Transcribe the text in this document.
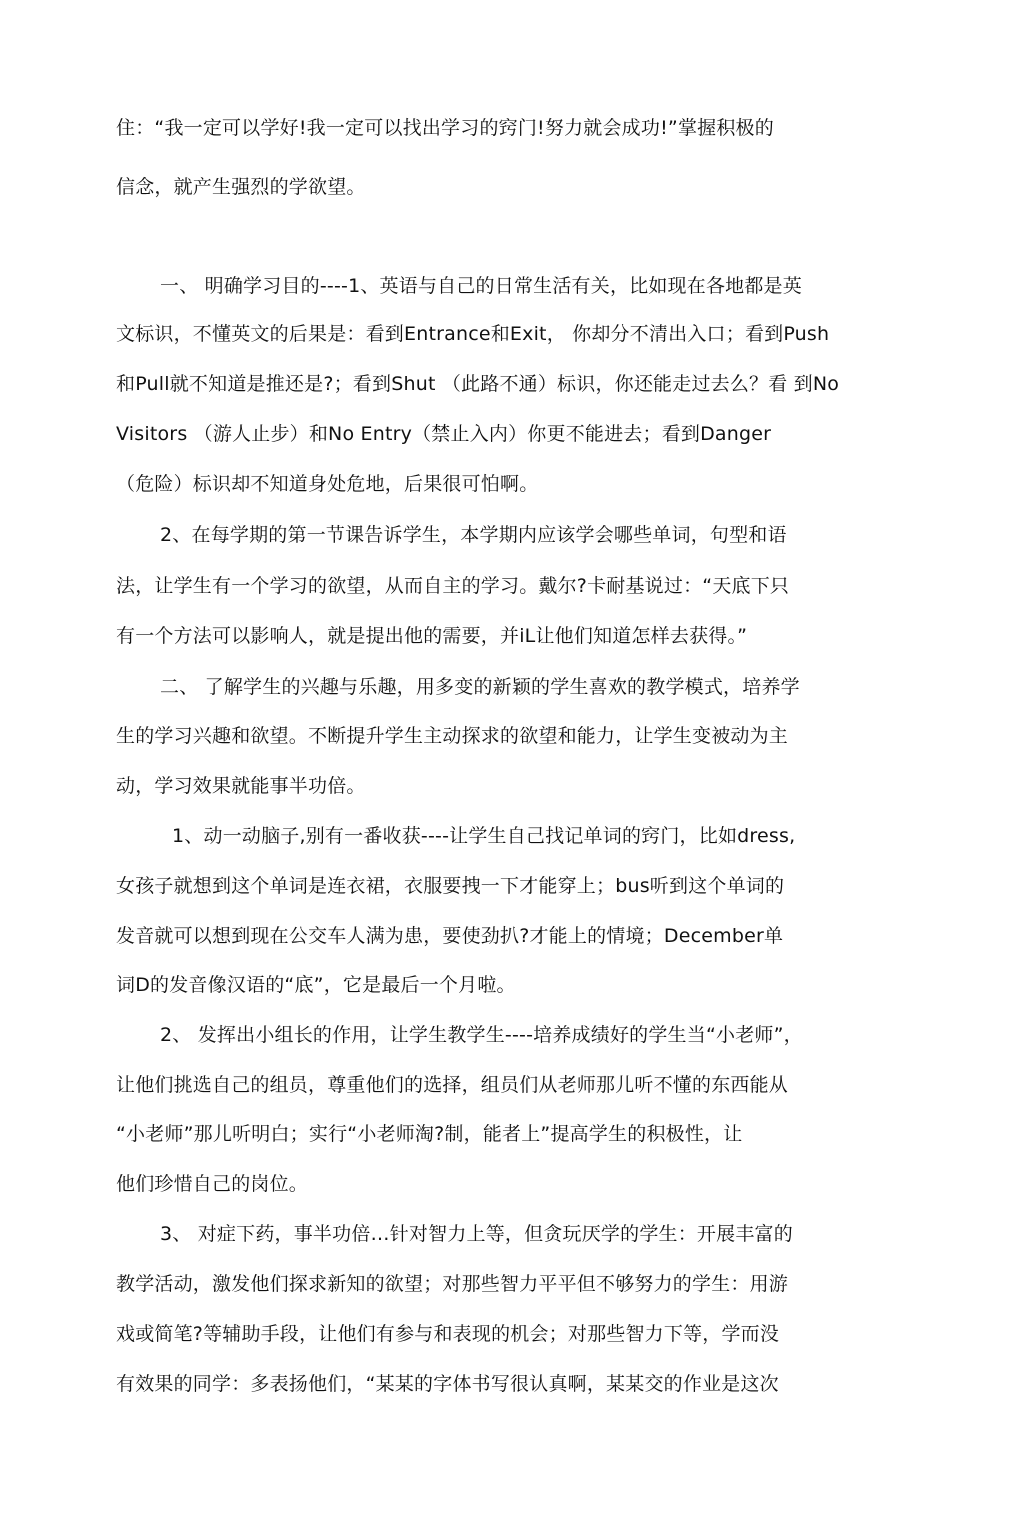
住：“我一定可以学好!我一定可以找出学习的窍门!努力就会成功!”掌握积极的
信念，就产生强烈的学欲望。
一、 明确学习目的----1、英语与自己的日常生活有关，比如现在各地都是英
文标识，不懂英文的后果是：看到Entrance和Exit， 你却分不清出入口；看到Push
和Pull就不知道是推还是?；看到Shut （此路不通）标识，你还能走过去么？看 到No
Visitors （游人止步）和No Entry（禁止入内）你更不能进去；看到Danger
（危险）标识却不知道身处危地，后果很可怕啊。
2、在每学期的第一节课告诉学生，本学期内应该学会哪些单词，句型和语
法，让学生有一个学习的欲望，从而自主的学习。戴尔?卡耐基说过：“天底下只
有一个方法可以影响人，就是提出他的需要，并iL让他们知道怎样去获得。”
二、 了解学生的兴趣与乐趣，用多变的新颖的学生喜欢的教学模式，培养学
生的学习兴趣和欲望。不断提升学生主动探求的欲望和能力，让学生变被动为主
动，学习效果就能事半功倍。
1、动一动脑子,别有一番收获----让学生自己找记单词的窍门，比如dress,
女孩子就想到这个单词是连衣裙，衣服要拽一下才能穿上；bus听到这个单词的
发音就可以想到现在公交车人满为患，要使劲扒?才能上的情境；December单
词D的发音像汉语的“底”，它是最后一个月啦。
2、 发挥出小组长的作用，让学生教学生----培养成绩好的学生当“小老师”，
让他们挑选自己的组员，尊重他们的选择，组员们从老师那儿听不懂的东西能从
“小老师”那儿听明白；实行“小老师淘?制，能者上”提高学生的积极性，让
他们珍惜自己的岗位。
3、 对症下药，事半功倍…针对智力上等，但贪玩厌学的学生：开展丰富的
教学活动，激发他们探求新知的欲望；对那些智力平平但不够努力的学生：用游
戏或简笔?等辅助手段，让他们有参与和表现的机会；对那些智力下等，学而没
有效果的同学：多表扬他们，“某某的字体书写很认真啊，某某交的作业是这次
